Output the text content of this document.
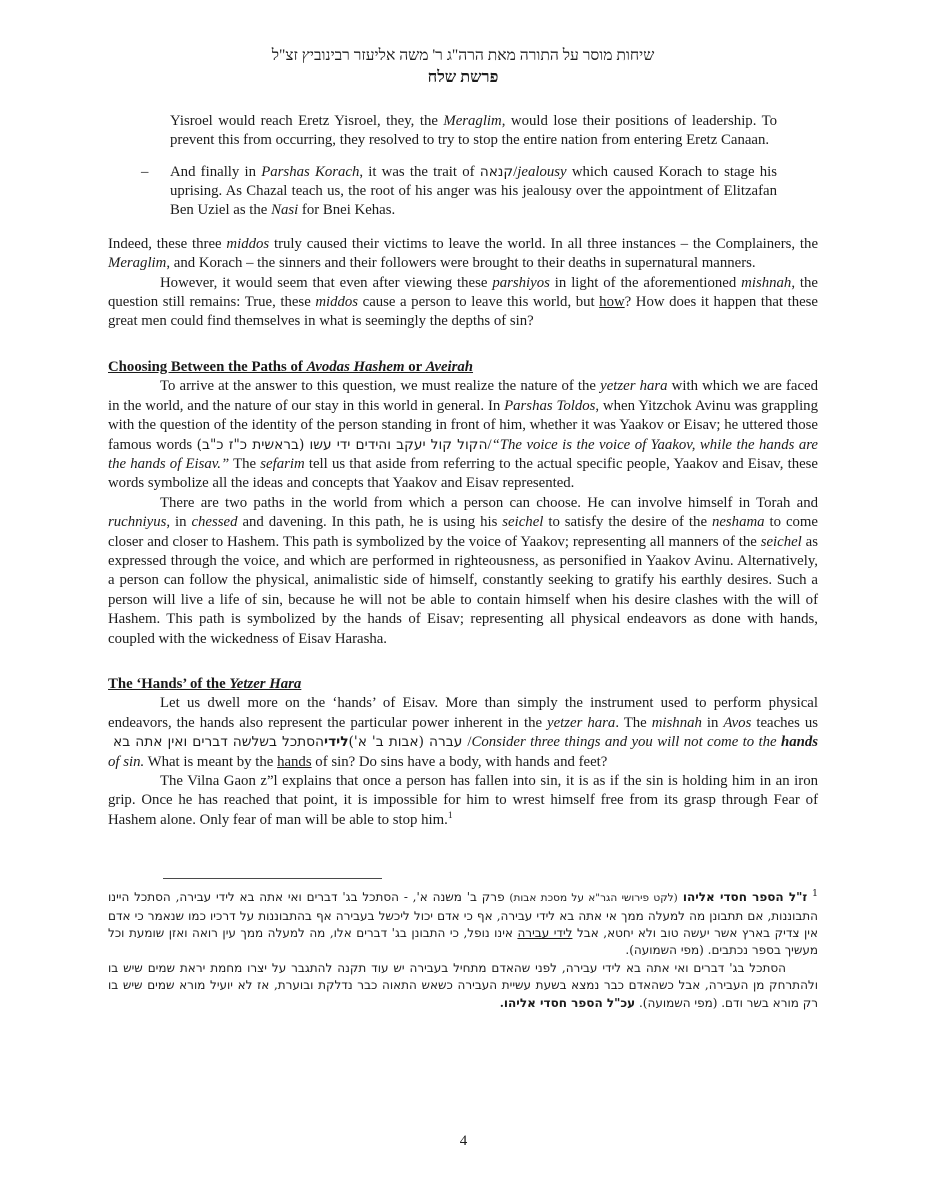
שיחות מוסר על התורה מאת הרה"ג ר' משה אליעזר רבינוביץ זצ"ל

פרשת שלח

Yisroel would reach Eretz Yisroel, they, the Meraglim, would lose their positions of leadership. To prevent this from occurring, they resolved to try to stop the entire nation from entering Eretz Canaan.

– And finally in Parshas Korach, it was the trait of קנאה/jealousy which caused Korach to stage his uprising. As Chazal teach us, the root of his anger was his jealousy over the appointment of Elitzafan Ben Uziel as the Nasi for Bnei Kehas.

Indeed, these three middos truly caused their victims to leave the world. In all three instances – the Complainers, the Meraglim, and Korach – the sinners and their followers were brought to their deaths in supernatural manners.

However, it would seem that even after viewing these parshiyos in light of the aforementioned mishnah, the question still remains: True, these middos cause a person to leave this world, but how? How does it happen that these great men could find themselves in what is seemingly the depths of sin?

Choosing Between the Paths of Avodas Hashem or Aveirah

To arrive at the answer to this question, we must realize the nature of the yetzer hara with which we are faced in the world, and the nature of our stay in this world in general. In Parshas Toldos, when Yitzchok Avinu was grappling with the question of the identity of the person standing in front of him, whether it was Yaakov or Eisav; he uttered those famous words הקול קול יעקב והידים ידי עשו (בראשית כ"ז כ"ב)/“The voice is the voice of Yaakov, while the hands are the hands of Eisav.” The sefarim tell us that aside from referring to the actual specific people, Yaakov and Eisav, these words symbolize all the ideas and concepts that Yaakov and Eisav represented.

There are two paths in the world from which a person can choose. He can involve himself in Torah and ruchniyus, in chessed and davening. In this path, he is using his seichel to satisfy the desire of the neshama to come closer and closer to Hashem. This path is symbolized by the voice of Yaakov; representing all manners of the seichel as expressed through the voice, and which are performed in righteousness, as personified in Yaakov Avinu. Alternatively, a person can follow the physical, animalistic side of himself, constantly seeking to gratify his earthly desires. Such a person will live a life of sin, because he will not be able to contain himself when his desire clashes with the will of Hashem. This path is symbolized by the hands of Eisav; representing all physical endeavors as done with hands, coupled with the wickedness of Eisav Harasha.

The ‘Hands’ of the Yetzer Hara

Let us dwell more on the ‘hands’ of Eisav. More than simply the instrument used to perform physical endeavors, the hands also represent the particular power inherent in the yetzer hara. The mishnah in Avos teaches us הסתכל בשלשה דברים ואין אתה בא לידי עברה (אבות ב' א')/Consider three things and you will not come to the hands of sin. What is meant by the hands of sin? Do sins have a body, with hands and feet?

The Vilna Gaon z”l explains that once a person has fallen into sin, it is as if the sin is holding him in an iron grip. Once he has reached that point, it is impossible for him to wrest himself free from its grasp through Fear of Hashem alone. Only fear of man will be able to stop him.$^1$

$^1$ ז"ל הספר חסדי אליהו (לקט פירושי הגר"א על מסכת אבות) פרק ב' משנה א', - הסתכל בג' דברים ואי אתה בא לידי עבירה, הסתכל היינו התבוננות, אם תתבונן מה למעלה ממך אי אתה בא לידי עבירה, אף כי אדם יכול ליכשל בעבירה אף בהתבוננות על דרכיו כמו שנאמר כי אדם אין צדיק בארץ אשר יעשה טוב ולא יחטא, אבל לידי עבירה אינו נופל, כי התבונן בג' דברים אלו, מה למעלה ממך עין רואה ואזן שומעת וכל מעשיך בספר נכתבים. (מפי השמועה).

הסתכל בג' דברים ואי אתה בא לידי עבירה, לפני שהאדם מתחיל בעבירה יש עוד תקנה להתגבר על יצרו מחמת יראת שמים שיש בו ולהתרחק מן העבירה, אבל כשהאדם כבר נמצא בשעת עשיית העבירה כשאש התאוה כבר נדלקת ובוערת, אז לא יועיל מורא שמים שיש בו רק מורא בשר ודם. (מפי השמועה). עכ"ל הספר חסדי אליהו.

4
